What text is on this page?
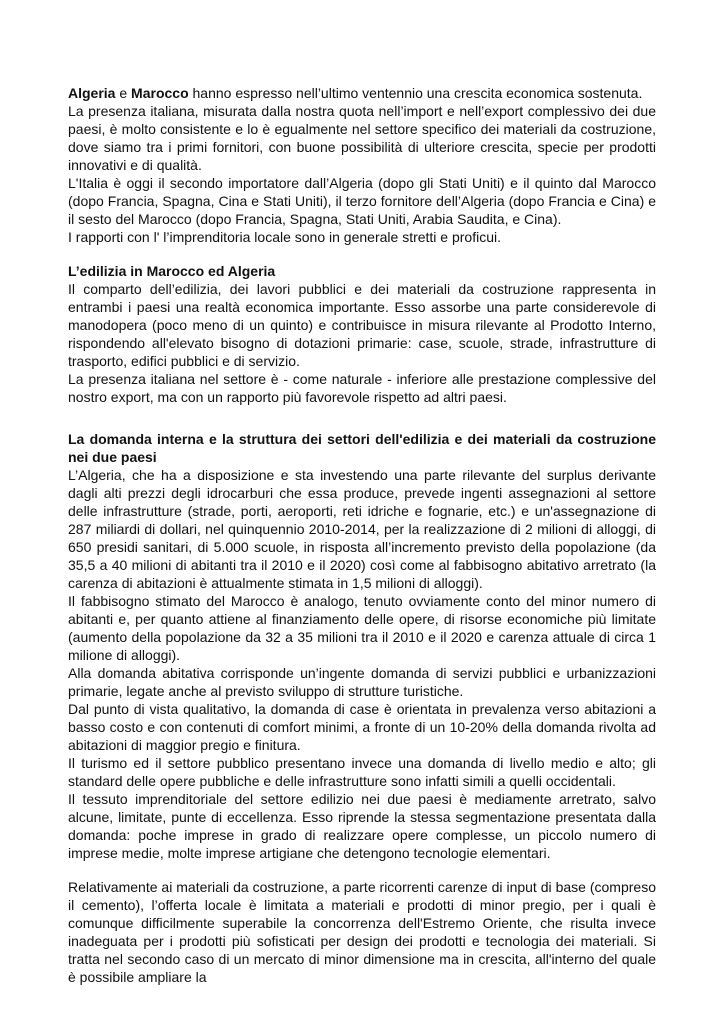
Algeria e Marocco hanno espresso nell’ultimo ventennio una crescita economica sostenuta.

La presenza italiana, misurata dalla nostra quota nell’import e nell’export complessivo dei due paesi, è molto consistente e lo è egualmente nel settore specifico dei materiali da costruzione, dove siamo tra i primi fornitori, con buone possibilità di ulteriore crescita, specie per prodotti innovativi e di qualità.

L'Italia è oggi il secondo importatore dall’Algeria (dopo gli Stati Uniti) e il quinto dal Marocco (dopo Francia, Spagna, Cina e Stati Uniti), il terzo fornitore dell’Algeria (dopo Francia e Cina) e il sesto del Marocco (dopo Francia, Spagna, Stati Uniti, Arabia Saudita, e Cina).

I rapporti con l' l’imprenditoria locale sono in generale stretti e proficui.

L’edilizia in Marocco ed Algeria

Il comparto dell’edilizia, dei lavori pubblici e dei materiali da costruzione rappresenta in entrambi i paesi una realtà economica importante. Esso assorbe una parte considerevole di manodopera (poco meno di un quinto) e contribuisce in misura rilevante al Prodotto Interno, rispondendo all'elevato bisogno di dotazioni primarie: case, scuole, strade, infrastrutture di trasporto, edifici pubblici e di servizio.

La presenza italiana nel settore è - come naturale - inferiore alle prestazione complessive del nostro export, ma con un rapporto più favorevole rispetto ad altri paesi.

La domanda interna e la struttura dei settori dell'edilizia e dei materiali da costruzione nei due paesi

L’Algeria, che ha a disposizione e sta investendo una parte rilevante del surplus derivante dagli alti prezzi degli idrocarburi che essa produce, prevede ingenti assegnazioni al settore delle infrastrutture (strade, porti, aeroporti, reti idriche e fognarie, etc.) e un'assegnazione di 287 miliardi di dollari, nel quinquennio 2010-2014, per la realizzazione di 2 milioni di alloggi, di 650 presidi sanitari, di 5.000 scuole, in risposta all’incremento previsto della popolazione (da 35,5 a 40 milioni di abitanti tra il 2010 e il 2020) così come al fabbisogno abitativo arretrato (la carenza di abitazioni è attualmente stimata in 1,5 milioni di alloggi).

Il fabbisogno stimato del Marocco è analogo, tenuto ovviamente conto del minor numero di abitanti e, per quanto attiene al finanziamento delle opere, di risorse economiche più limitate (aumento della popolazione da 32 a 35 milioni tra il 2010 e il 2020 e carenza attuale di circa 1 milione di alloggi).

Alla domanda abitativa corrisponde un’ingente domanda di servizi pubblici e urbanizzazioni primarie, legate anche al previsto sviluppo di strutture turistiche.

Dal punto di vista qualitativo, la domanda di case è orientata in prevalenza verso abitazioni a basso costo e con contenuti di comfort minimi, a fronte di un 10-20% della domanda rivolta ad abitazioni di maggior pregio e finitura.

Il turismo ed il settore pubblico presentano invece una domanda di livello medio e alto; gli standard delle opere pubbliche e delle infrastrutture sono infatti simili a quelli occidentali.

Il tessuto imprenditoriale del settore edilizio nei due paesi è mediamente arretrato, salvo alcune, limitate, punte di eccellenza. Esso riprende la stessa segmentazione presentata dalla domanda: poche imprese in grado di realizzare opere complesse, un piccolo numero di imprese medie, molte imprese artigiane che detengono tecnologie elementari.

Relativamente ai materiali da costruzione, a parte ricorrenti carenze di input di base (compreso il cemento), l’offerta locale è limitata a materiali e prodotti di minor pregio, per i quali è comunque difficilmente superabile la concorrenza dell'Estremo Oriente, che risulta invece inadeguata per i prodotti più sofisticati per design dei prodotti e tecnologia dei materiali. Si tratta nel secondo caso di un mercato di minor dimensione ma in crescita, all'interno del quale è possibile ampliare la
